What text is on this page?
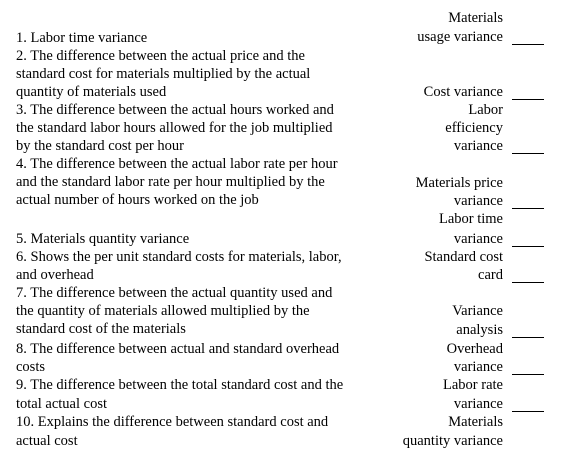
1. Labor time variance
2. The difference between the actual price and the
standard cost for materials multiplied by the actual
quantity of materials used
3. The difference between the actual hours worked and
the standard labor hours allowed for the job multiplied
by the standard cost per hour
4. The difference between the actual labor rate per hour
and the standard labor rate per hour multiplied by the
actual number of hours worked on the job
5. Materials quantity variance
6. Shows the per unit standard costs for materials, labor,
and overhead
7. The difference between the actual quantity used and
the quantity of materials allowed multiplied by the
standard cost of the materials
8. The difference between actual and standard overhead
costs
9. The difference between the total standard cost and the
total actual cost
10. Explains the difference between standard cost and
actual cost
Materials
usage variance
Cost variance
Labor
efficiency
variance
Materials price
variance
Labor time
variance
Standard cost
card
Variance
analysis
Overhead
variance
Labor rate
variance
Materials
quantity variance
